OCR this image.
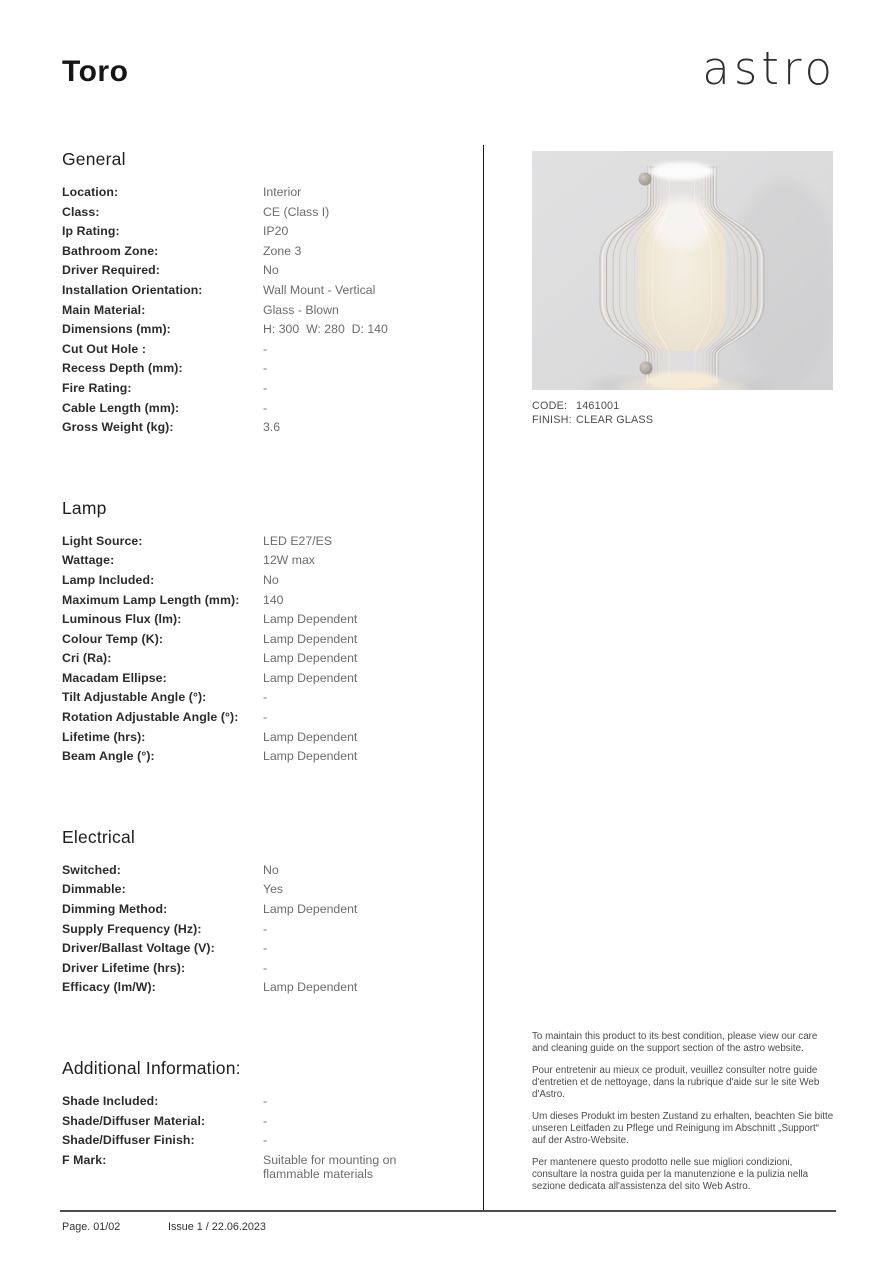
Toro	astro
General
Location:	Interior
Class:	CE (Class I)
Ip Rating:	IP20
Bathroom Zone:	Zone 3
Driver Required:	No
Installation Orientation:	Wall Mount - Vertical
Main Material:	Glass - Blown
Dimensions (mm):	H: 300  W: 280  D: 140
Cut Out Hole :	-
Recess Depth (mm):	-
Fire Rating:	-
Cable Length (mm):	-
Gross Weight (kg):	3.6
Lamp
Light Source:	LED E27/ES
Wattage:	12W max
Lamp Included:	No
Maximum Lamp Length (mm):	140
Luminous Flux (lm):	Lamp Dependent
Colour Temp (K):	Lamp Dependent
Cri (Ra):	Lamp Dependent
Macadam Ellipse:	Lamp Dependent
Tilt Adjustable Angle (°):	-
Rotation Adjustable Angle (°):	-
Lifetime (hrs):	Lamp Dependent
Beam Angle (°):	Lamp Dependent
Electrical
Switched:	No
Dimmable:	Yes
Dimming Method:	Lamp Dependent
Supply Frequency (Hz):	-
Driver/Ballast Voltage (V):	-
Driver Lifetime (hrs):	-
Efficacy (lm/W):	Lamp Dependent
Additional Information:
Shade Included:	-
Shade/Diffuser Material:	-
Shade/Diffuser Finish:	-
F Mark:	Suitable for mounting on flammable materials
CODE: 1461001
FINISH: CLEAR GLASS

To maintain this product to its best condition, please view our care and cleaning guide on the support section of the astro website.

Pour entretenir au mieux ce produit, veuillez consulter notre guide d'entretien et de nettoyage, dans la rubrique d'aide sur le site Web d'Astro.

Um dieses Produkt im besten Zustand zu erhalten, beachten Sie bitte unseren Leitfaden zu Pflege und Reinigung im Abschnitt „Support“ auf der Astro-Website.

Per mantenere questo prodotto nelle sue migliori condizioni, consultare la nostra guida per la manutenzione e la pulizia nella sezione dedicata all'assistenza del sito Web Astro.

Page. 01/02	Issue 1 / 22.06.2023
